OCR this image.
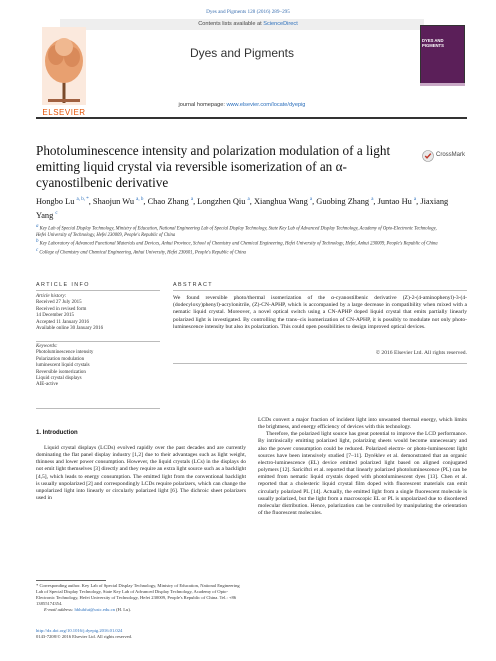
Dyes and Pigments 128 (2016) 289–295
Contents lists available at ScienceDirect
ELSEVIER
Dyes and Pigments
journal homepage: www.elsevier.com/locate/dyepig
DYES AND PIGMENTS
Photoluminescence intensity and polarization modulation of a light emitting liquid crystal via reversible isomerization of an α-cyanostilbenic derivative
CrossMark
Hongbo Lu $^{a, b, *}$, Shaojun Wu $^{a, b}$, Chao Zhang $^a$, Longzhen Qiu $^a$, Xianghua Wang $^a$, Guobing Zhang $^a$, Juntao Hu $^a$, Jiaxiang Yang $^c$
$^a$ Key Lab of Special Display Technology, Ministry of Education, National Engineering Lab of Special Display Technology, State Key Lab of Advanced Display Technology, Academy of Opto-Electronic Technology, Hefei University of Technology, Hefei 230009, People's Republic of China
$^b$ Key Laboratory of Advanced Functional Materials and Devices, Anhui Province, School of Chemistry and Chemical Engineering, Hefei University of Technology, Hefei, Anhui 230009, People's Republic of China
$^c$ College of Chemistry and Chemical Engineering, Anhui University, Hefei 230601, People's Republic of China
ARTICLE INFO	ABSTRACT
Article history:
Received 27 July 2015
Received in revised form
14 December 2015
Accepted 11 January 2016
Available online 30 January 2016
Keywords:
Photoluminescence intensity
Polarization modulation
luminescent liquid crystals
Reversible isomerization
Liquid crystal displays
AIE-active
We found reversible photo/thermal isomerization of the α-cyanostilbenic derivative (Z)-2-(4-aminophenyl)-3-(4-(dodecyloxy)phenyl)-acrylonitrile, (Z)-CN-APHP, which is accompanied by a large decrease in compatibility when mixed with a nematic liquid crystal. Moreover, a novel optical switch using a CN-APHP doped liquid crystal that emits partially linearly polarized light is investigated. By controlling the trans–cis isomerization of CN-APHP, it is possibly to modulate not only photo-luminescence intensity but also its polarization. This could open possibilities to design improved optical devices.
© 2016 Elsevier Ltd. All rights reserved.
1. Introduction
Liquid crystal displays (LCDs) evolved rapidly over the past decades and are currently dominating the flat panel display industry [1,2] due to their advantages such as light weight, thinness and lower power consumption. However, the liquid crystals (LCs) in the displays do not emit light themselves [3] directly and they require an extra light source such as a backlight [4,5], which leads to energy consumption. The emitted light from the conventional backlight is usually unpolarized [2] and correspondingly LCDs require polarizers, which can change the unpolarized light into linearly or circularly polarized light [6]. The dichroic sheet polarizers used in

LCDs convert a major fraction of incident light into unwanted thermal energy, which limits the brightness, and energy efficiency of devices with this technology.

Therefore, the polarized light source has great potential to improve the LCD performance. By intrinsically emitting polarized light, polarizing sheets would become unnecessary and also the power consumption could be reduced. Polarized electro- or photo-luminescent light sources have been intensively studied [7–11]. Dyréklev et al. demonstrated that an organic electro-luminescence (EL) device emitted polarized light based on aligned conjugated polymers [12]. Sariciftci et al. reported that linearly polarized photoluminescence (PL) can be emitted from nematic liquid crystals doped with photoluminescent dyes [13]. Chen et al. reported that a cholesteric liquid crystal film doped with fluorescent materials can emit circularly polarized PL [14]. Actually, the emitted light from a single fluorescent molecule is usually polarized, but the light from a macroscopic EL or PL is unpolarized due to disordered molecular distribution. Hence, polarization can be controlled by manipulating the orientation of the fluorescent molecules.

* Corresponding author. Key Lab of Special Display Technology, Ministry of Education, National Engineering Lab of Special Display Technology, State Key Lab of Advanced Display Technology, Academy of Opto-Electronic Technology, Hefei University of Technology, Hefei 230009, People's Republic of China. Tel.: +86 13855174354.
E-mail address: hbluhfut@ustc.edu.cn (H. Lu).
http://dx.doi.org/10.1016/j.dyepig.2016.01.024
0143-7208/© 2016 Elsevier Ltd. All rights reserved.
